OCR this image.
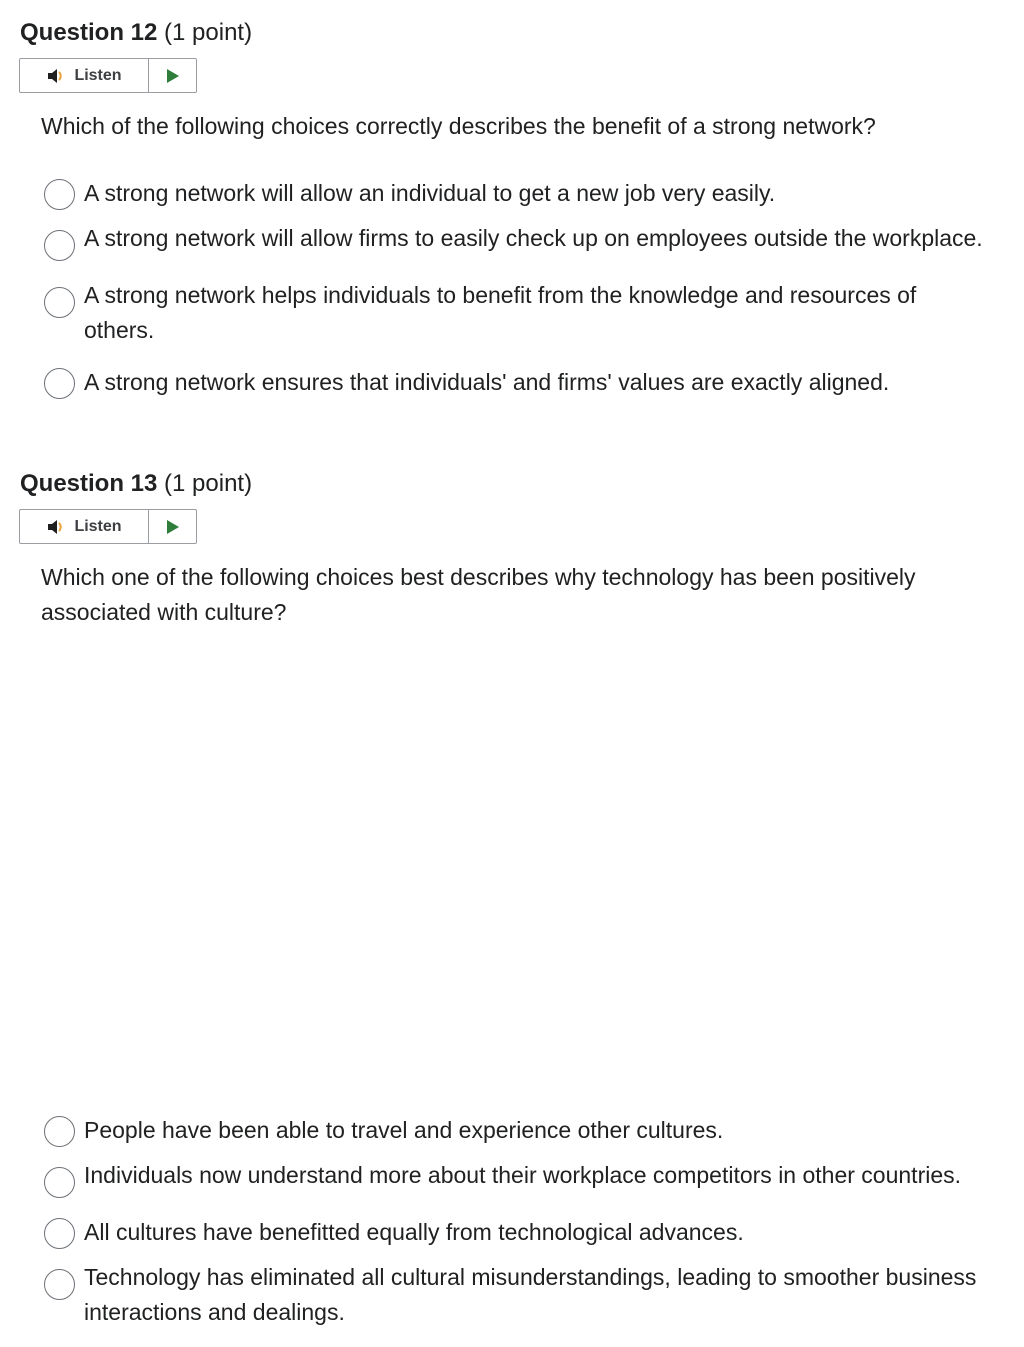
Question 12 (1 point)
Listen
Which of the following choices correctly describes the benefit of a strong network?
A strong network will allow an individual to get a new job very easily.
A strong network will allow firms to easily check up on employees outside the workplace.
A strong network helps individuals to benefit from the knowledge and resources of others.
A strong network ensures that individuals' and firms' values are exactly aligned.
Question 13 (1 point)
Listen
Which one of the following choices best describes why technology has been positively associated with culture?
People have been able to travel and experience other cultures.
Individuals now understand more about their workplace competitors in other countries.
All cultures have benefitted equally from technological advances.
Technology has eliminated all cultural misunderstandings, leading to smoother business interactions and dealings.
